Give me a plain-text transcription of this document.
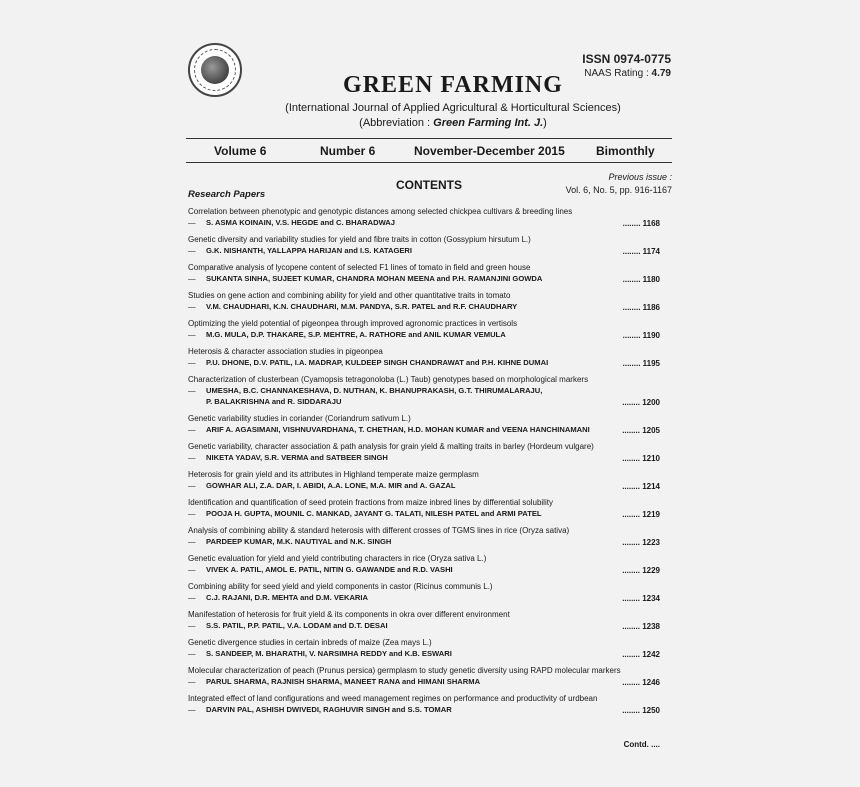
ISSN 0974-0775
NAAS Rating : 4.79
GREEN FARMING
(International Journal of Applied Agricultural & Horticultural Sciences)
(Abbreviation : Green Farming Int. J.)
Volume 6	Number 6	November-December 2015	Bimonthly
CONTENTS
Previous issue :
Vol. 6, No. 5, pp. 916-1167
Research Papers
Correlation between phenotypic and genotypic distances among selected chickpea cultivars & breeding lines
— S. ASMA KOINAIN, V.S. HEGDE and C. BHARADWAJ	........ 1168
Genetic diversity and variability studies for yield and fibre traits in cotton (Gossypium hirsutum L.)
— G.K. NISHANTH, YALLAPPA HARIJAN and I.S. KATAGERI	........ 1174
Comparative analysis of lycopene content of selected F1 lines of tomato in field and green house
— SUKANTA SINHA, SUJEET KUMAR, CHANDRA MOHAN MEENA and P.H. RAMANJINI GOWDA	........ 1180
Studies on gene action and combining ability for yield and other quantitative traits in tomato
— V.M. CHAUDHARI, K.N. CHAUDHARI, M.M. PANDYA, S.R. PATEL and R.F. CHAUDHARY	........ 1186
Optimizing the yield potential of pigeonpea through improved agronomic practices in vertisols
— M.G. MULA, D.P. THAKARE, S.P. MEHTRE, A. RATHORE and ANIL KUMAR VEMULA	........ 1190
Heterosis & character association studies in pigeonpea
— P.U. DHONE, D.V. PATIL, I.A. MADRAP, KULDEEP SINGH CHANDRAWAT and P.H. KIHNE DUMAI	........ 1195
Characterization of clusterbean (Cyamopsis tetragonoloba (L.) Taub) genotypes based on morphological markers
— UMESHA, B.C. CHANNAKESHAVA, D. NUTHAN, K. BHANUPRAKASH, G.T. THIRUMALARAJU,
P. BALAKRISHNA and R. SIDDARAJU	........ 1200
Genetic variability studies in coriander (Coriandrum sativum L.)
— ARIF A. AGASIMANI, VISHNUVARDHANA, T. CHETHAN, H.D. MOHAN KUMAR and VEENA HANCHINAMANI	........ 1205
Genetic variability, character association & path analysis for grain yield & malting traits in barley (Hordeum vulgare)
— NIKETA YADAV, S.R. VERMA and SATBEER SINGH	........ 1210
Heterosis for grain yield and its attributes in Highland temperate maize germplasm
— GOWHAR ALI, Z.A. DAR, I. ABIDI, A.A. LONE, M.A. MIR and A. GAZAL	........ 1214
Identification and quantification of seed protein fractions from maize inbred lines by differential solubility
— POOJA H. GUPTA, MOUNIL C. MANKAD, JAYANT G. TALATI, NILESH PATEL and ARMI PATEL	........ 1219
Analysis of combining ability & standard heterosis with different crosses of TGMS lines in rice (Oryza sativa)
— PARDEEP KUMAR, M.K. NAUTIYAL and N.K. SINGH	........ 1223
Genetic evaluation for yield and yield contributing characters in rice (Oryza sativa L.)
— VIVEK A. PATIL, AMOL E. PATIL, NITIN G. GAWANDE and R.D. VASHI	........ 1229
Combining ability for seed yield and yield components in castor (Ricinus communis L.)
— C.J. RAJANI, D.R. MEHTA and D.M. VEKARIA	........ 1234
Manifestation of heterosis for fruit yield & its components in okra over different environment
— S.S. PATIL, P.P. PATIL, V.A. LODAM and D.T. DESAI	........ 1238
Genetic divergence studies in certain inbreds of maize (Zea mays L.)
— S. SANDEEP, M. BHARATHI, V. NARSIMHA REDDY and K.B. ESWARI	........ 1242
Molecular characterization of peach (Prunus persica) germplasm to study genetic diversity using RAPD molecular markers
— PARUL SHARMA, RAJNISH SHARMA, MANEET RANA and HIMANI SHARMA	........ 1246
Integrated effect of land configurations and weed management regimes on performance and productivity of urdbean
— DARVIN PAL, ASHISH DWIVEDI, RAGHUVIR SINGH and S.S. TOMAR	........ 1250
Contd. ....
